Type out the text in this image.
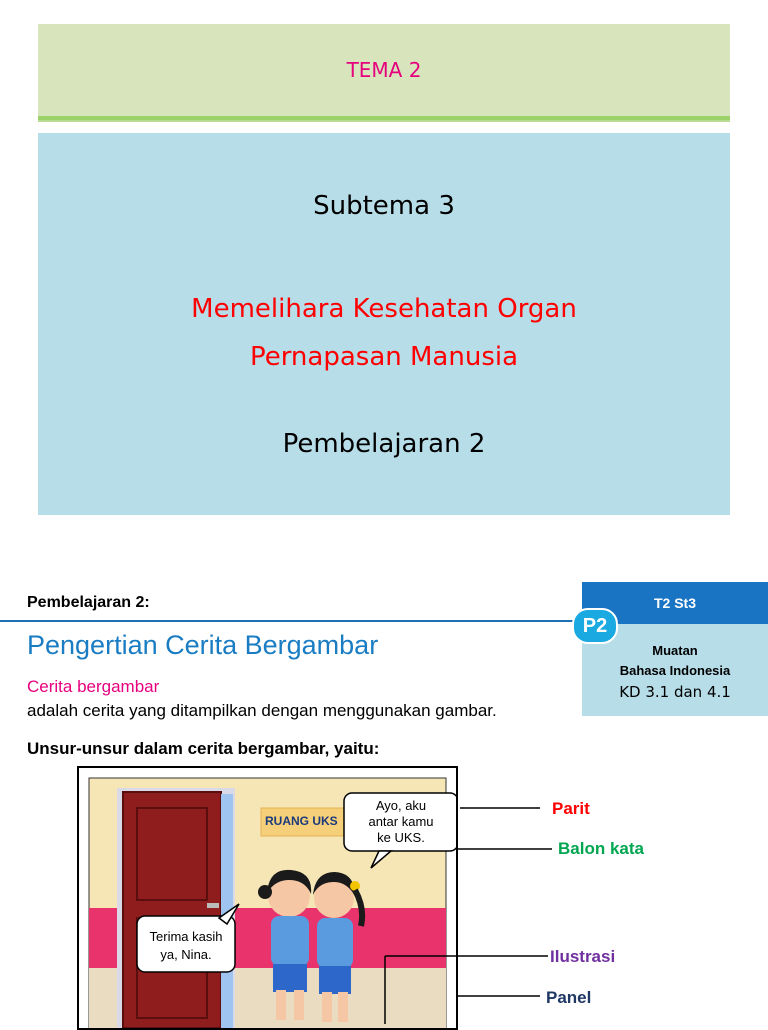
TEMA 2
Subtema 3
Memelihara Kesehatan Organ
Pernapasan Manusia
Pembelajaran 2
Pembelajaran 2:
Pengertian Cerita Bergambar
Cerita bergambar
adalah cerita yang ditampilkan dengan menggunakan gambar.
Unsur-unsur dalam cerita bergambar, yaitu:
T2 St3
Muatan
Bahasa Indonesia
KD 3.1 dan 4.1
P2
RUANG UKS
Ayo, aku
antar kamu
ke UKS.
Terima kasih
ya, Nina.
Parit
Balon kata
Ilustrasi
Panel
